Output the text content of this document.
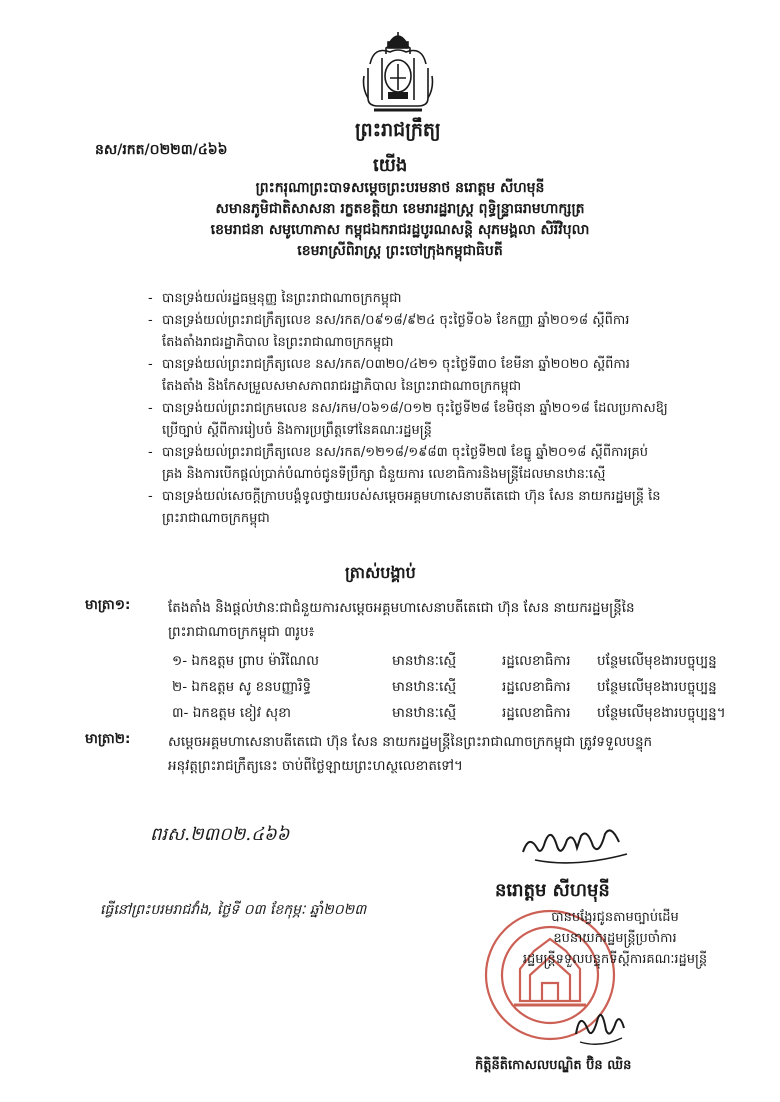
នស/រកត/០២២៣/៤៦៦
ព្រះរាជក្រឹត្យ
យើង
ព្រះករុណាព្រះបាទសម្តេចព្រះបរមនាថ នរោត្តម សីហមុនី
សមានភូមិជាតិសាសនា រក្ខតខត្តិយា ខេមរារដ្ឋរាស្ត្រ ពុទ្ធិន្ទ្រាធរាមហាក្សត្រ
ខេមរាជនា សមូហោភាស កម្ពុជឯករាជរដ្ឋបូរណសន្តិ សុភមង្គលា សិរីវិបុលា
ខេមរាស្រីពិរាស្ត្រ ព្រះចៅក្រុងកម្ពុជាធិបតី
- បានទ្រង់យល់រដ្ឋធម្មនុញ្ញ នៃព្រះរាជាណាចក្រកម្ពុជា
- បានទ្រង់យល់ព្រះរាជក្រឹត្យលេខ នស/រកត/០៩១៨/៩២៤ ចុះថ្ងៃទី០៦ ខែកញ្ញា ឆ្នាំ២០១៨ ស្តីពីការតែងតាំងរាជរដ្ឋាភិបាល នៃព្រះរាជាណាចក្រកម្ពុជា
- បានទ្រង់យល់ព្រះរាជក្រឹត្យលេខ នស/រកត/០៣២០/៤២១ ចុះថ្ងៃទី៣០ ខែមីនា ឆ្នាំ២០២០ ស្តីពីការតែងតាំង និងកែសម្រួលសមាសភាពរាជរដ្ឋាភិបាល នៃព្រះរាជាណាចក្រកម្ពុជា
- បានទ្រង់យល់ព្រះរាជក្រមលេខ នស/រកម/០៦១៨/០១២ ចុះថ្ងៃទី២៨ ខែមិថុនា ឆ្នាំ២០១៨ ដែលប្រកាសឱ្យប្រើច្បាប់ ស្តីពីការរៀបចំ និងការប្រព្រឹត្តទៅនៃគណៈរដ្ឋមន្ត្រី
- បានទ្រង់យល់ព្រះរាជក្រឹត្យលេខ នស/រកត/១២១៨/១៩៨៣ ចុះថ្ងៃទី២៧ ខែធ្នូ ឆ្នាំ២០១៨ ស្តីពីការគ្រប់គ្រង និងការបើកផ្តល់ប្រាក់បំណាច់ជូនទីប្រឹក្សា ជំនួយការ លេខាធិការនិងមន្ត្រីដែលមានឋានៈស្មើ
- បានទ្រង់យល់សេចក្តីក្រាបបង្គំទូលថ្វាយរបស់សម្តេចអគ្គមហាសេនាបតីតេជោ ហ៊ុន សែន នាយករដ្ឋមន្ត្រី នៃព្រះរាជាណាចក្រកម្ពុជា
ត្រាស់បង្គាប់
មាត្រា១:	តែងតាំង និងផ្តល់ឋានៈជាជំនួយការសម្តេចអគ្គមហាសេនាបតីតេជោ ហ៊ុន សែន នាយករដ្ឋមន្ត្រីនៃព្រះរាជាណាចក្រកម្ពុជា ៣រូប៖
១- ឯកឧត្តម ព្រាប ម៉ារីណែល	មានឋានៈស្មើ	រដ្ឋលេខាធិការ បន្ថែមលើមុខងារបច្ចុប្បន្ន
២- ឯកឧត្តម សូ ខនបញ្ញារិទ្ធិ	មានឋានៈស្មើ	រដ្ឋលេខាធិការ បន្ថែមលើមុខងារបច្ចុប្បន្ន
៣- ឯកឧត្តម ខៀវ សុខា	មានឋានៈស្មើ	រដ្ឋលេខាធិការ បន្ថែមលើមុខងារបច្ចុប្បន្ន។
មាត្រា២:	សម្តេចអគ្គមហាសេនាបតីតេជោ ហ៊ុន សែន នាយករដ្ឋមន្ត្រីនៃព្រះរាជាណាចក្រកម្ពុជា ត្រូវទទួលបន្ទុកអនុវត្តព្រះរាជក្រឹត្យនេះ ចាប់ពីថ្ងៃឡាយព្រះហស្ថលេខាតទៅ។
ពរស.២៣០២.៤៦៦
ធ្វើនៅព្រះបរមរាជវាំង, ថ្ងៃទី ០៣ ខែកុម្ភៈ ឆ្នាំ២០២៣
នរោត្តម សីហមុនី
បានបង្វែរជូនតាមច្បាប់ដើម
ឧបនាយករដ្ឋមន្ត្រីប្រចាំការ
រដ្ឋមន្ត្រីទទួលបន្ទុកទីស្តីការគណៈរដ្ឋមន្ត្រី
កិត្តិនីតិកោសលបណ្ឌិត ប៊ិន ឈិន
